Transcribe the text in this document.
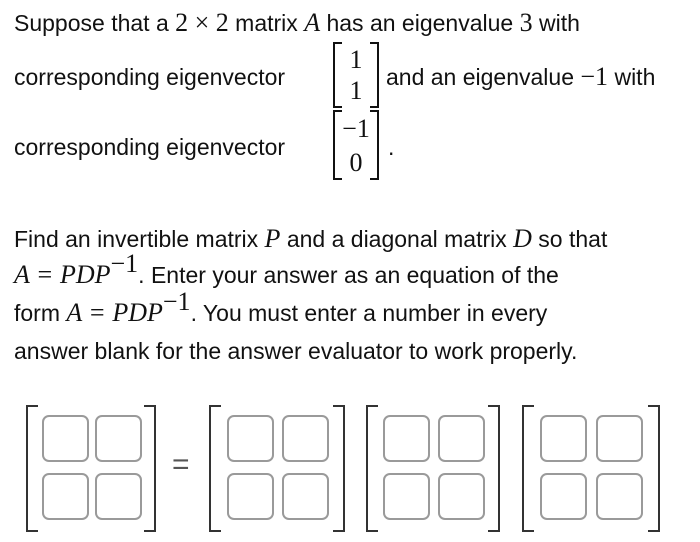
Suppose that a 2 × 2 matrix A has an eigenvalue 3 with
corresponding eigenvector
1
1	and an eigenvalue −1 with
corresponding eigenvector
−1
0
.
Find an invertible matrix P and a diagonal matrix D so that
$A = PDP^{-1}$. Enter your answer as an equation of the
form $A = PDP^{-1}$. You must enter a number in every
answer blank for the answer evaluator to work properly.
=
